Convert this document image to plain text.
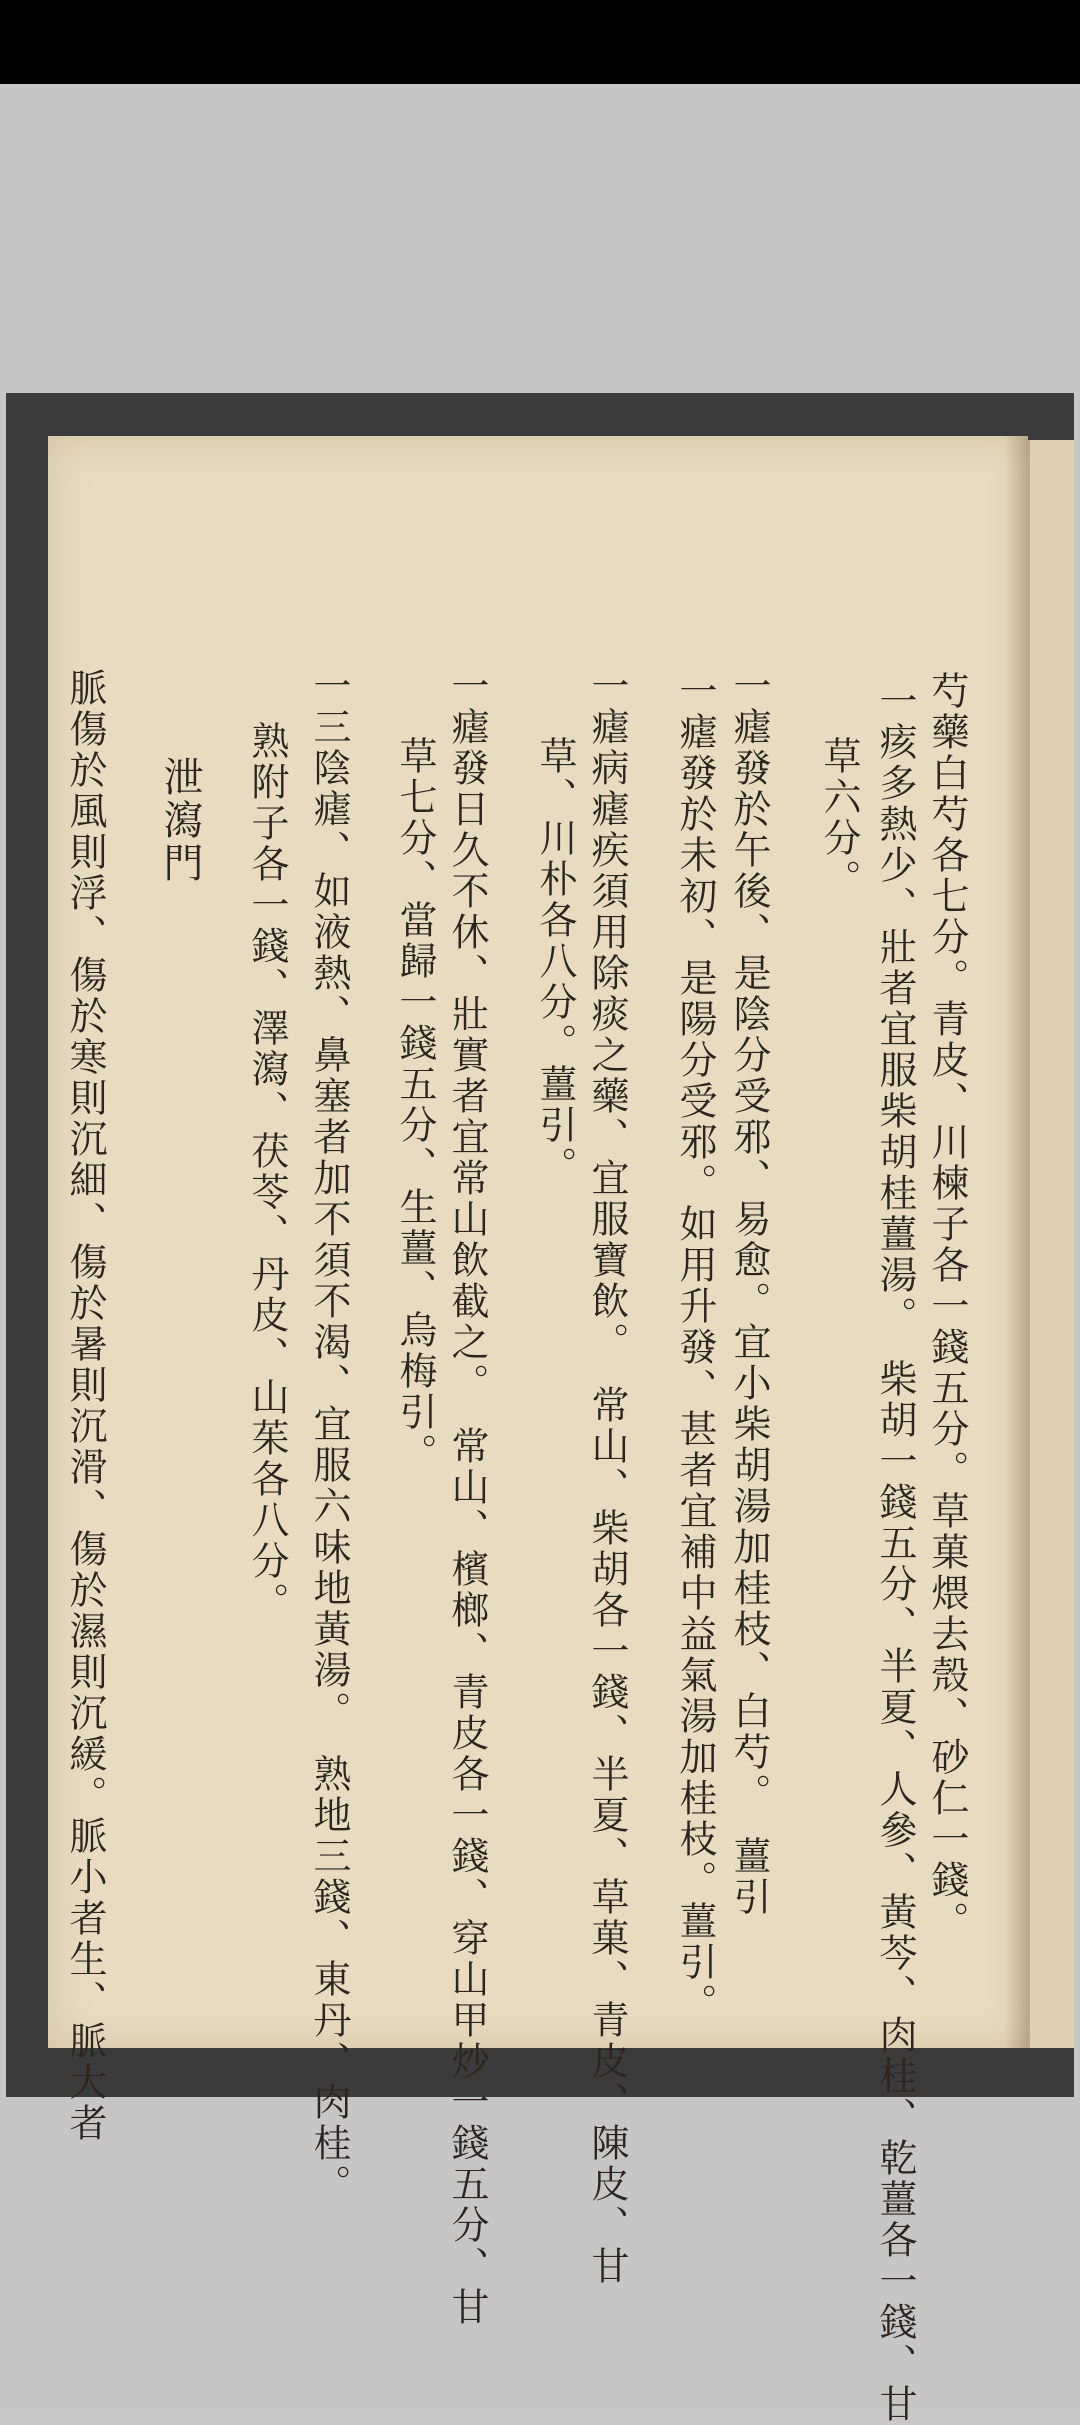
芍藥白芍各七分。青皮、川楝子各一錢五分。草菓煨去殼、砂仁一錢。
一痎多熱少、壯者宜服柴胡桂薑湯。　柴胡一錢五分、半夏、人參、黃芩、肉桂、乾薑各一錢、甘
草六分。
一瘧發於午後、是陰分受邪、易愈。宜小柴胡湯加桂枝、白芍。　薑引
一瘧發於未初、是陽分受邪。如用升發、甚者宜補中益氣湯加桂枝。薑引。
一瘧病瘧疾須用除痰之藥、宜服寶飲。　常山、柴胡各一錢、半夏、草菓、青皮、陳皮、甘
草、川朴各八分。薑引。
一瘧發日久不休、壯實者宜常山飲截之。　常山、檳榔、青皮各一錢、穿山甲炒一錢五分、甘
草七分、當歸一錢五分、生薑、烏梅引。
一三陰瘧、如液熱、鼻塞者加不須不渴、宜服六味地黃湯。　熟地三錢、東丹、肉桂。
熟附子各一錢、澤瀉、茯苓、丹皮、山茱各八分。
泄瀉門
脈傷於風則浮、傷於寒則沉細、傷於暑則沉滑、傷於濕則沉緩。脈小者生、脈大者
